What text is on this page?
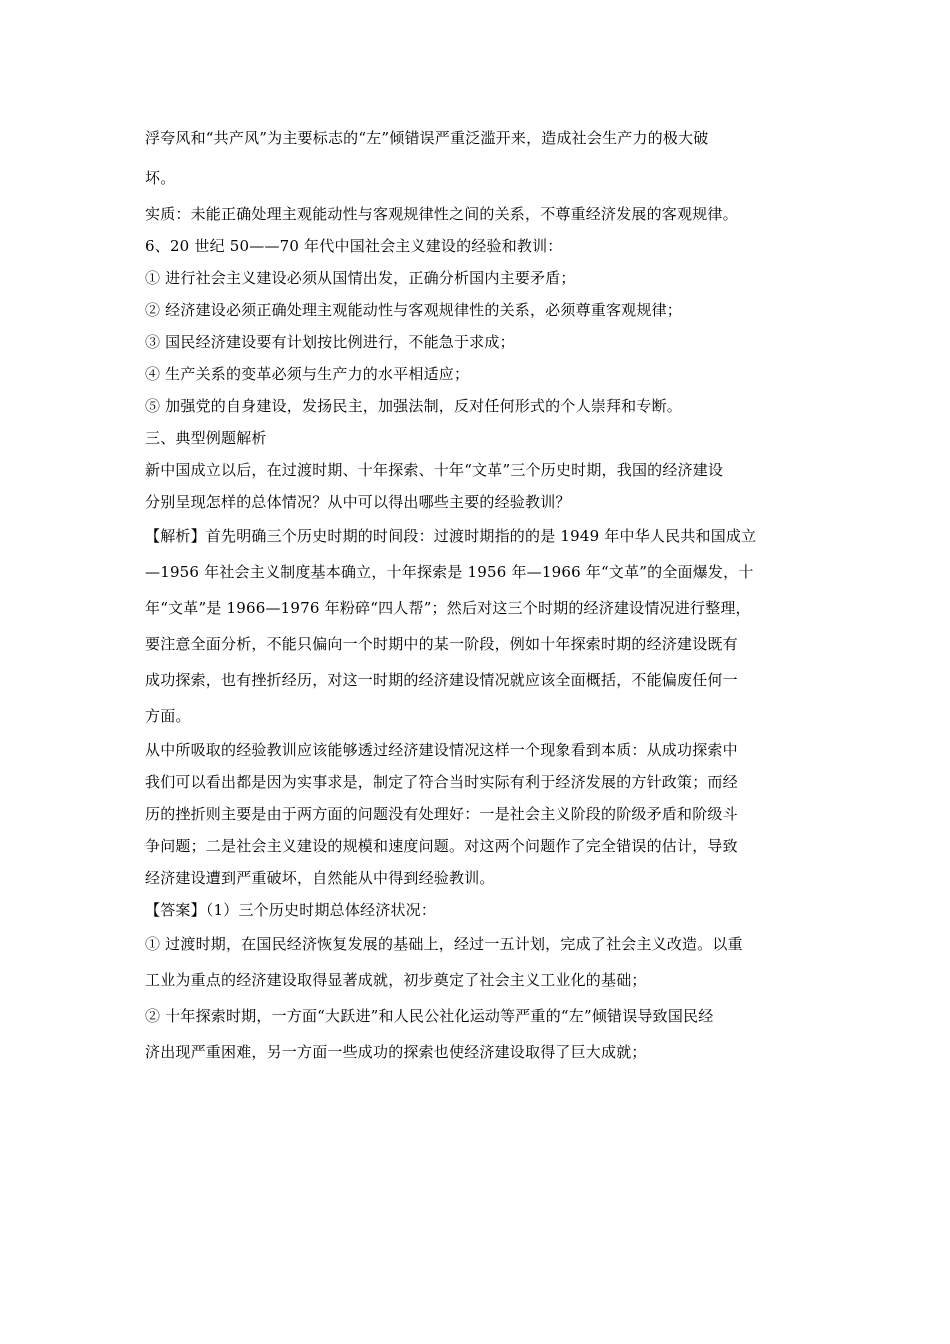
浮夸风和“共产风”为主要标志的“左”倾错误严重泛滥开来，造成社会生产力的极大破
坏。
实质：未能正确处理主观能动性与客观规律性之间的关系，不尊重经济发展的客观规律。
6、20 世纪 50——70 年代中国社会主义建设的经验和教训：
① 进行社会主义建设必须从国情出发，正确分析国内主要矛盾；
② 经济建设必须正确处理主观能动性与客观规律性的关系，必须尊重客观规律；
③ 国民经济建设要有计划按比例进行，不能急于求成；
④ 生产关系的变革必须与生产力的水平相适应；
⑤ 加强党的自身建设，发扬民主，加强法制，反对任何形式的个人崇拜和专断。
三、典型例题解析
新中国成立以后，在过渡时期、十年探索、十年“文革”三个历史时期，我国的经济建设
分别呈现怎样的总体情况？从中可以得出哪些主要的经验教训？
【解析】首先明确三个历史时期的时间段：过渡时期指的的是 1949 年中华人民共和国成立
—1956 年社会主义制度基本确立，十年探索是 1956 年—1966 年“文革”的全面爆发，十
年“文革”是 1966—1976 年粉碎“四人帮”；然后对这三个时期的经济建设情况进行整理，
要注意全面分析，不能只偏向一个时期中的某一阶段，例如十年探索时期的经济建设既有
成功探索，也有挫折经历，对这一时期的经济建设情况就应该全面概括，不能偏废任何一
方面。
从中所吸取的经验教训应该能够透过经济建设情况这样一个现象看到本质：从成功探索中
我们可以看出都是因为实事求是，制定了符合当时实际有利于经济发展的方针政策；而经
历的挫折则主要是由于两方面的问题没有处理好：一是社会主义阶段的阶级矛盾和阶级斗
争问题；二是社会主义建设的规模和速度问题。对这两个问题作了完全错误的估计，导致
经济建设遭到严重破坏，自然能从中得到经验教训。
【答案】（1）三个历史时期总体经济状况：
① 过渡时期，在国民经济恢复发展的基础上，经过一五计划，完成了社会主义改造。以重
工业为重点的经济建设取得显著成就，初步奠定了社会主义工业化的基础；
② 十年探索时期，一方面“大跃进”和人民公社化运动等严重的“左”倾错误导致国民经
济出现严重困难，另一方面一些成功的探索也使经济建设取得了巨大成就；
